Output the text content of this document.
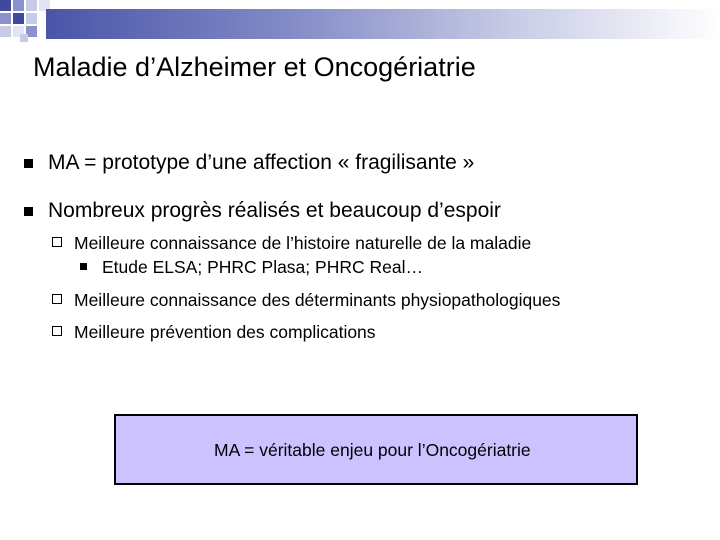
Maladie d’Alzheimer et Oncogériatrie
MA = prototype d’une affection « fragilisante »
Nombreux progrès réalisés et beaucoup d’espoir
Meilleure connaissance de l’histoire naturelle de la maladie
Etude ELSA; PHRC Plasa; PHRC Real…
Meilleure connaissance des déterminants physiopathologiques
Meilleure prévention des complications
MA = véritable enjeu pour l’Oncogériatrie
